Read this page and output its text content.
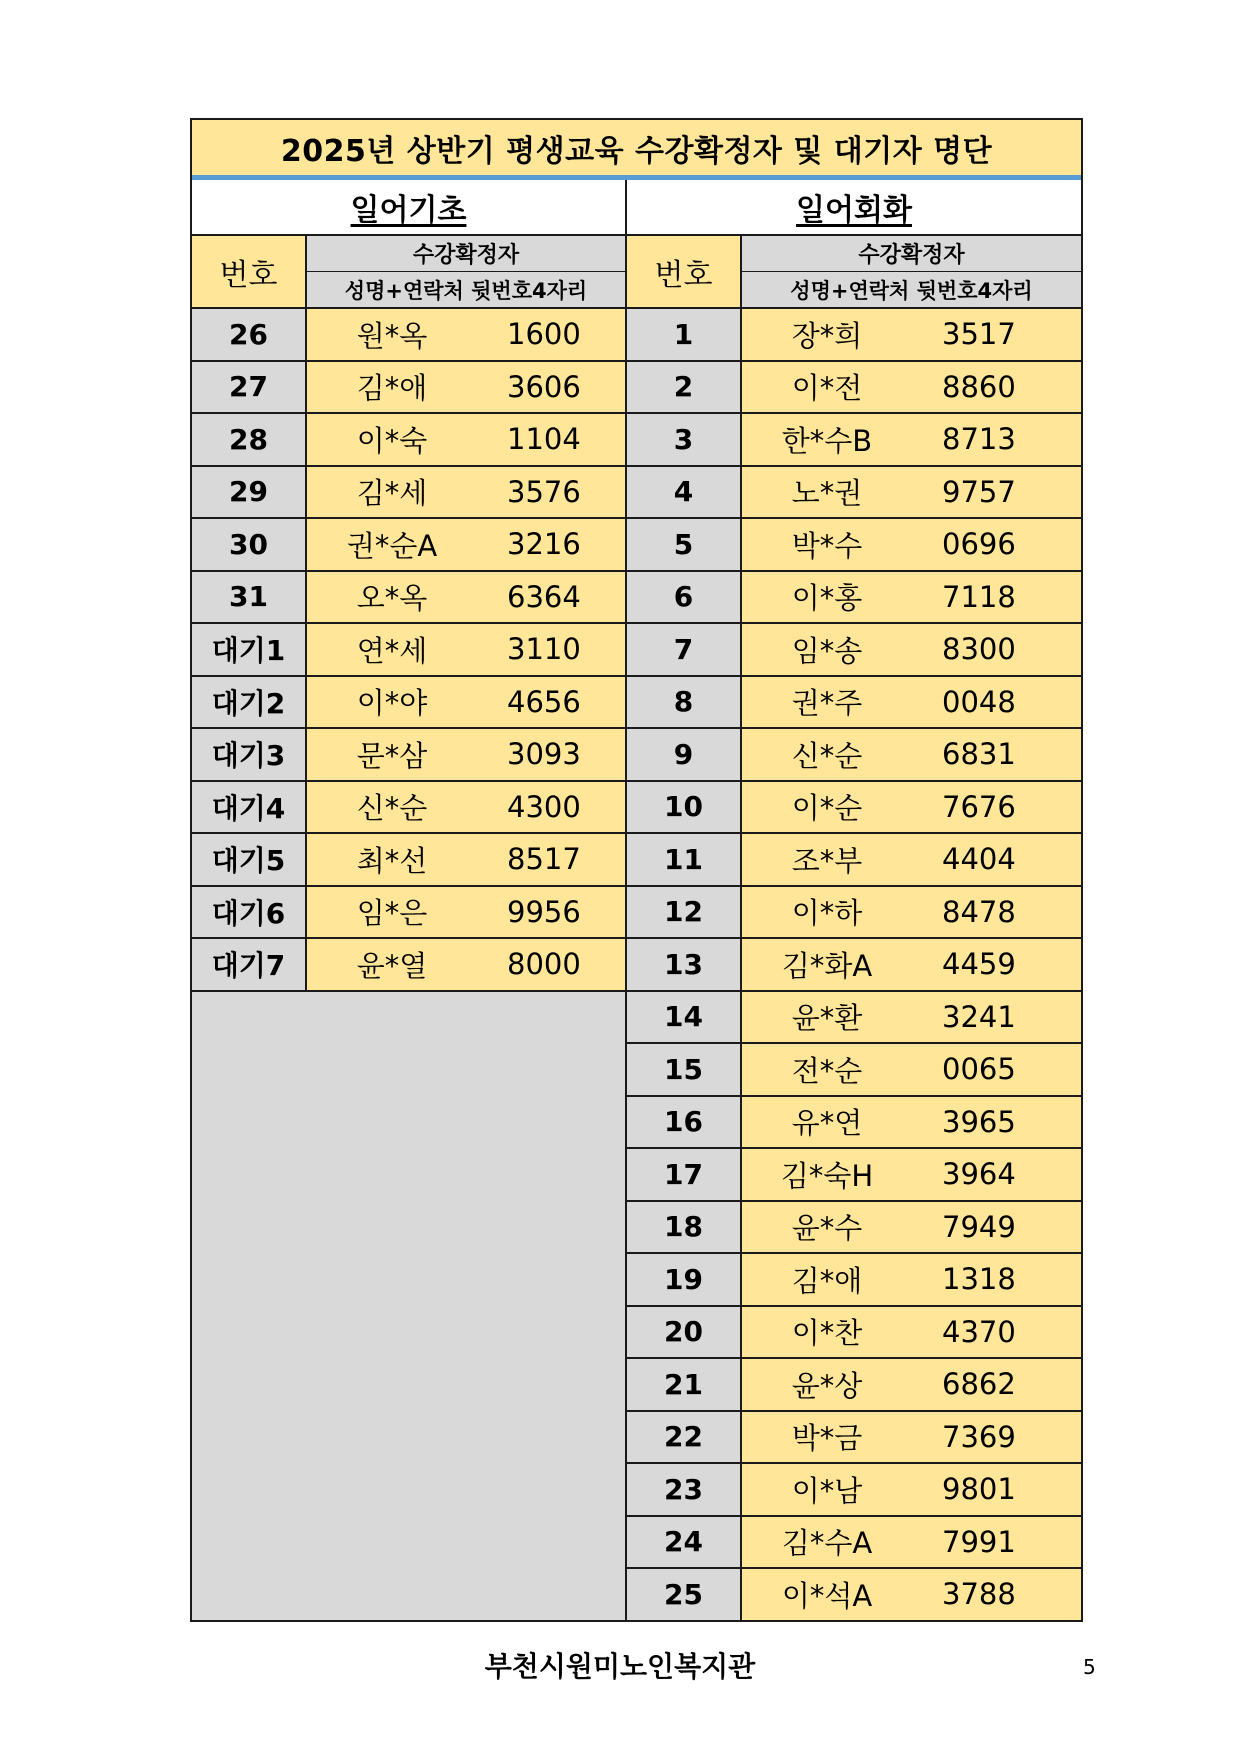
2025년 상반기 평생교육 수강확정자 및 대기자 명단
일어기초	일어회화
번호
수강확정자
성명+연락처 뒷번호4자리
26	원*옥	1600
27	김*애	3606
28	이*숙	1104
29	김*세	3576
30	권*순A	3216
31	오*옥	6364
대기1	연*세	3110
대기2	이*야	4656
대기3	문*삼	3093
대기4	신*순	4300
대기5	최*선	8517
대기6	임*은	9956
대기7	윤*열	8000
번호
수강확정자
성명+연락처 뒷번호4자리
1	장*희	3517
2	이*전	8860
3	한*수B	8713
4	노*권	9757
5	박*수	0696
6	이*홍	7118
7	임*송	8300
8	권*주	0048
9	신*순	6831
10	이*순	7676
11	조*부	4404
12	이*하	8478
13	김*화A	4459
14	윤*환	3241
15	전*순	0065
16	유*연	3965
17	김*숙H	3964
18	윤*수	7949
19	김*애	1318
20	이*찬	4370
21	윤*상	6862
22	박*금	7369
23	이*남	9801
24	김*수A	7991
25	이*석A	3788
부천시원미노인복지관	5
